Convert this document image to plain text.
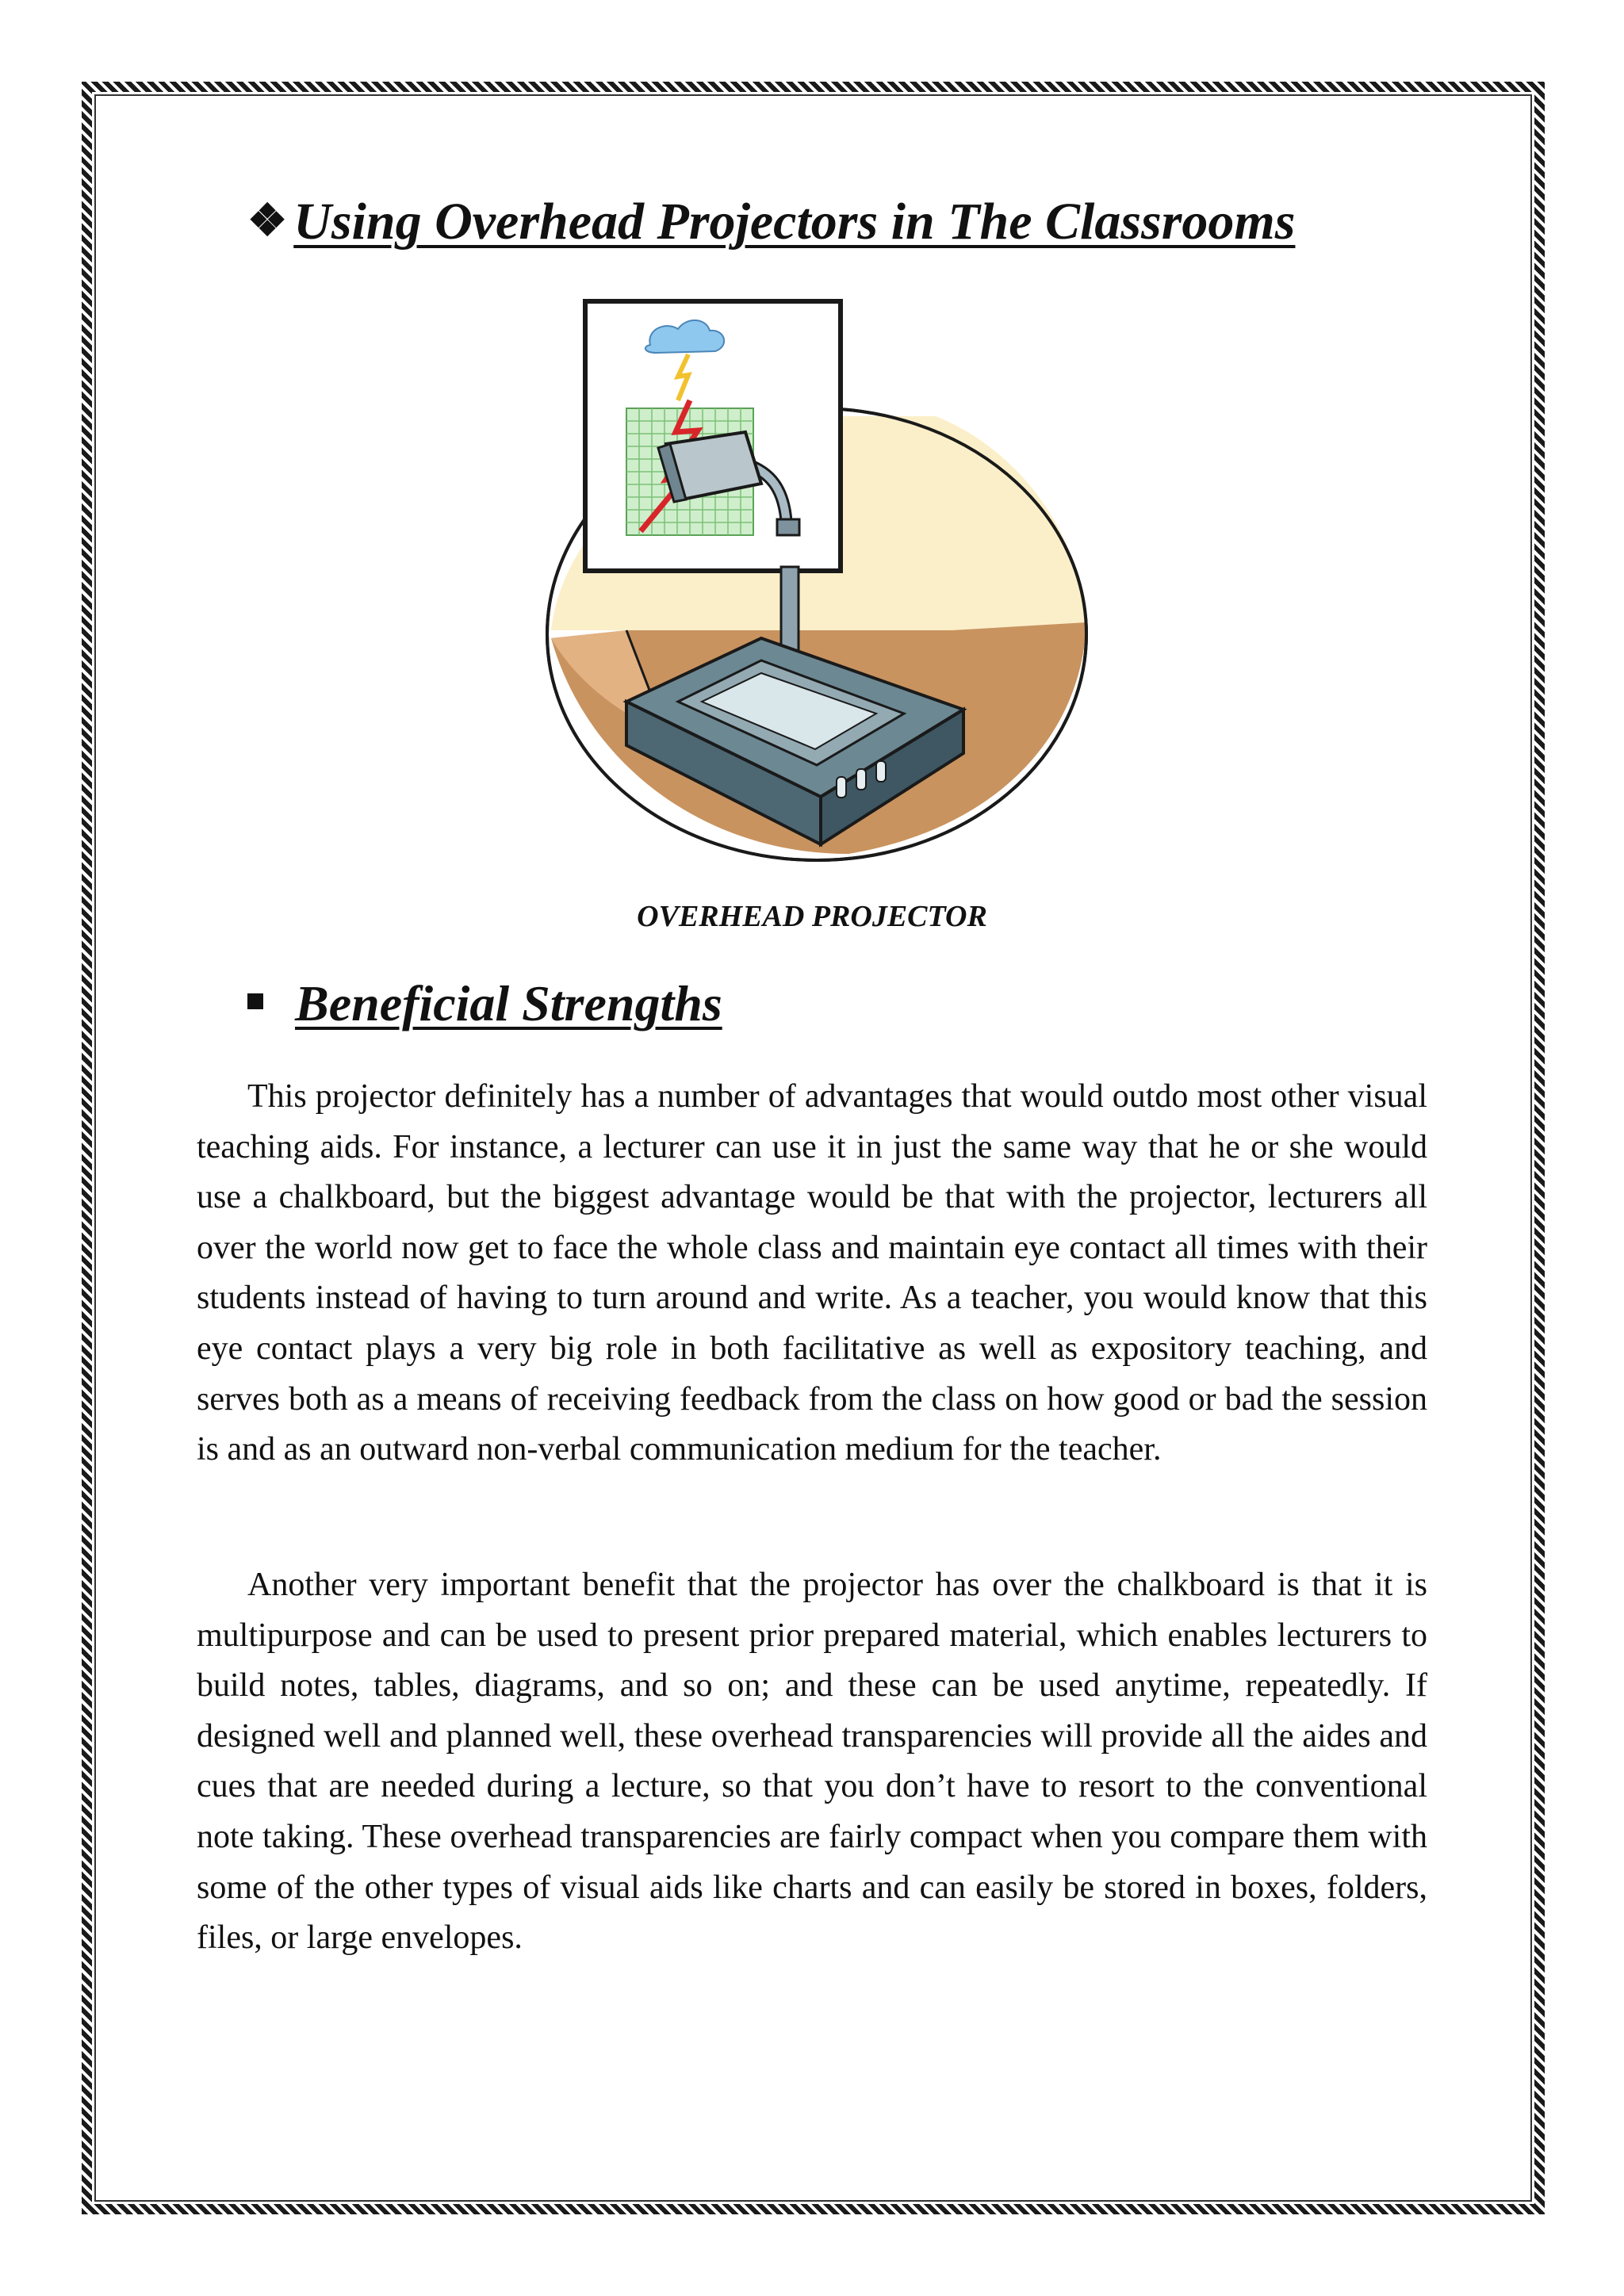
❖ Using Overhead Projectors in The Classrooms

OVERHEAD PROJECTOR

Beneficial Strengths

This projector definitely has a number of advantages that would outdo most other visual teaching aids. For instance, a lecturer can use it in just the same way that he or she would use a chalkboard, but the biggest advantage would be that with the projector, lecturers all over the world now get to face the whole class and maintain eye contact all times with their students instead of having to turn around and write. As a teacher, you would know that this eye contact plays a very big role in both facilitative as well as expository teaching, and serves both as a means of receiving feedback from the class on how good or bad the session is and as an outward non-verbal communication medium for the teacher.

Another very important benefit that the projector has over the chalkboard is that it is multipurpose and can be used to present prior prepared material, which enables lecturers to build notes, tables, diagrams, and so on; and these can be used anytime, repeatedly. If designed well and planned well, these overhead transparencies will provide all the aides and cues that are needed during a lecture, so that you don’t have to resort to the conventional note taking. These overhead transparencies are fairly compact when you compare them with some of the other types of visual aids like charts and can easily be stored in boxes, folders, files, or large envelopes.
